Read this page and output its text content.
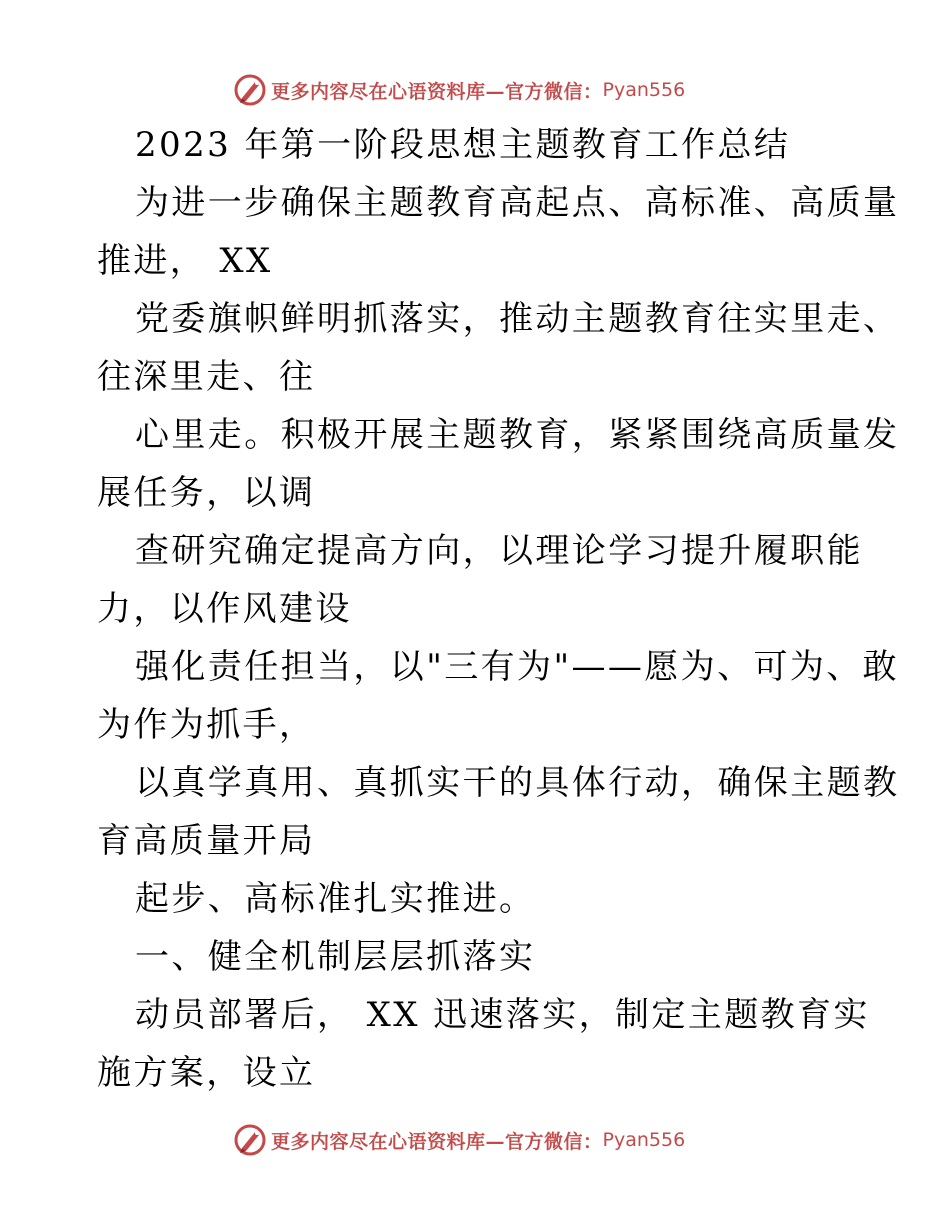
更多内容尽在心语资料库—官方微信： Pyan556
2023 年第一阶段思想主题教育工作总结
为进一步确保主题教育高起点、高标准、高质量
推进， XX
党委旗帜鲜明抓落实，推动主题教育往实里走、
往深里走、往
心里走。积极开展主题教育，紧紧围绕高质量发
展任务，以调
查研究确定提高方向，以理论学习提升履职能
力，以作风建设
强化责任担当，以"三有为"——愿为、可为、敢
为作为抓手，
以真学真用、真抓实干的具体行动，确保主题教
育高质量开局
起步、高标准扎实推进。
一、健全机制层层抓落实
动员部署后， XX 迅速落实，制定主题教育实
施方案，设立
更多内容尽在心语资料库—官方微信： Pyan556
